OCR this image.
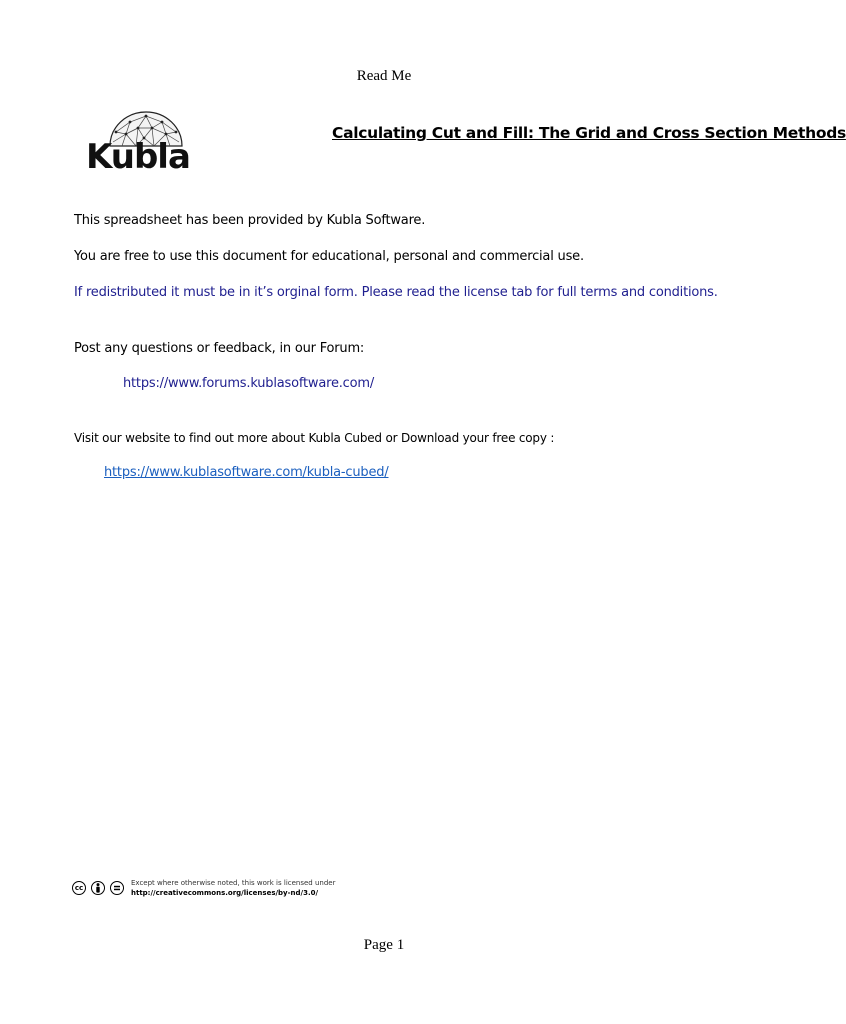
Read Me
Kubla
Calculating Cut and Fill: The Grid and Cross Section Methods
This spreadsheet has been provided by Kubla Software.
You are free to use this document for educational, personal and commercial use.
If redistributed it must be in it’s orginal form. Please read the license tab for full terms and conditions.
Post any questions or feedback, in our Forum:
https://www.forums.kublasoftware.com/
Visit our website to find out more about Kubla Cubed or Download your free copy :
https://www.kublasoftware.com/kubla-cubed/
cc
Except where otherwise noted, this work is licensed under
http://creativecommons.org/licenses/by-nd/3.0/
Page 1
